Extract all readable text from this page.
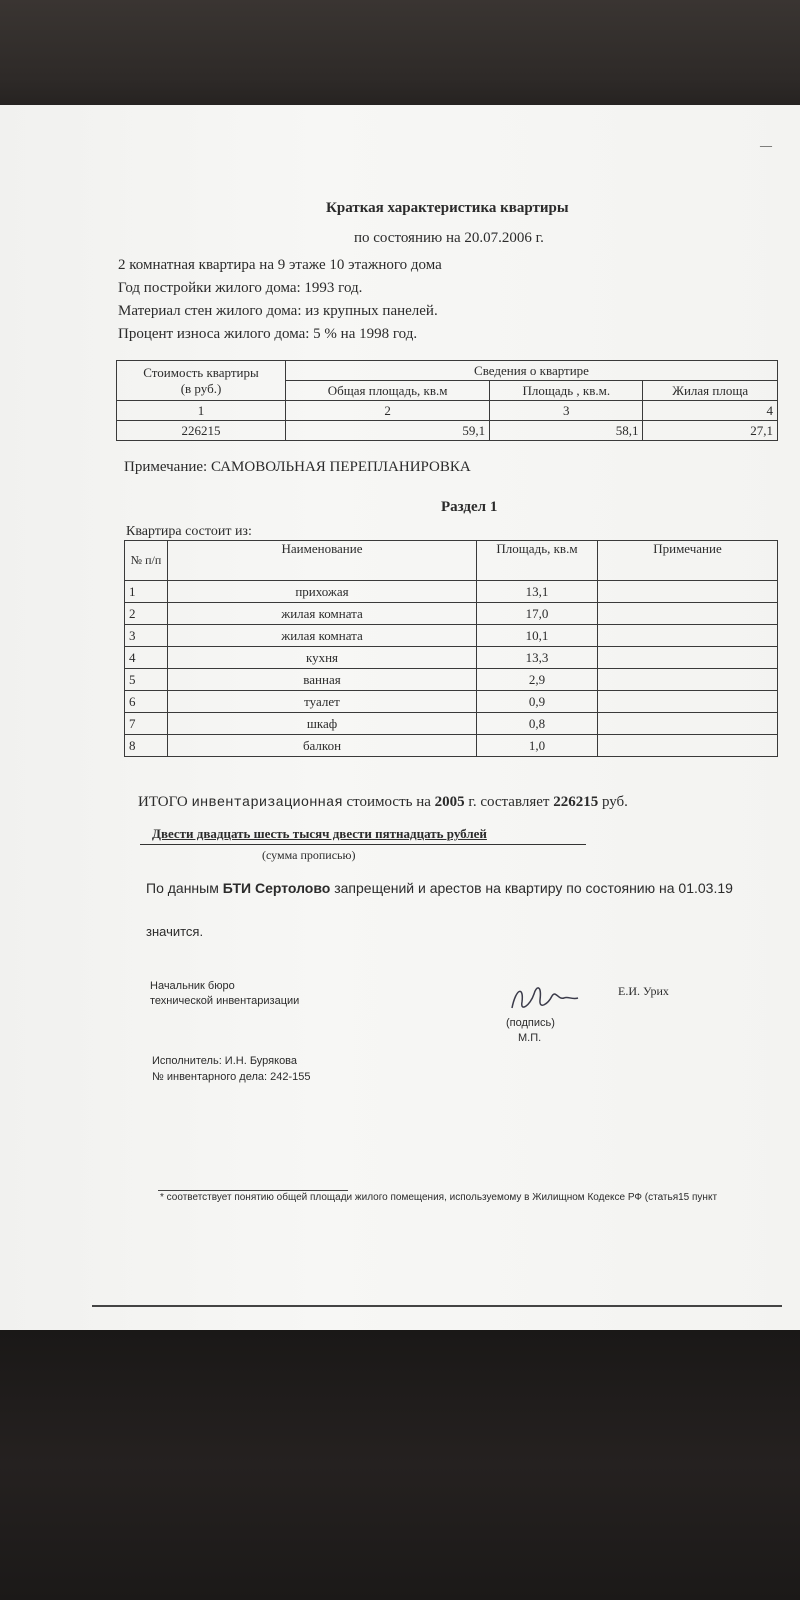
—
Краткая характеристика квартиры
по состоянию на 20.07.2006 г.
2 комнатная квартира на 9 этаже 10 этажного дома
Год постройки жилого дома: 1993 год.
Материал стен жилого дома: из крупных панелей.
Процент износа жилого дома: 5 % на 1998 год.
Стоимость квартиры
(в руб.)	Сведения о квартире		
	Общая площадь, кв.м	Площадь , кв.м.	Жилая площа
1	2	3	4
226215	59,1	58,1	27,1
Примечание: САМОВОЛЬНАЯ ПЕРЕПЛАНИРОВКА
Раздел 1
Квартира состоит из:
№ п/п	Наименование	Площадь, кв.м	Примечание
1	прихожая	13,1	
2	жилая комната	17,0	
3	жилая комната	10,1	
4	кухня	13,3	
5	ванная	2,9	
6	туалет	0,9	
7	шкаф	0,8	
8	балкон	1,0	
ИТОГО инвентаризационная стоимость на 2005 г. составляет 226215 руб.
Двести двадцать шесть тысяч двести пятнадцать рублей
(сумма прописью)
По данным БТИ Сертолово запрещений и арестов на квартиру по состоянию на 01.03.19
значится.
Начальник бюро
технической инвентаризации
Е.И. Урих
(подпись)
М.П.
Исполнитель: И.Н. Бурякова
№ инвентарного дела: 242-155
* соответствует понятию общей площади жилого помещения, используемому в Жилищном Кодексе РФ (статья15 пункт
